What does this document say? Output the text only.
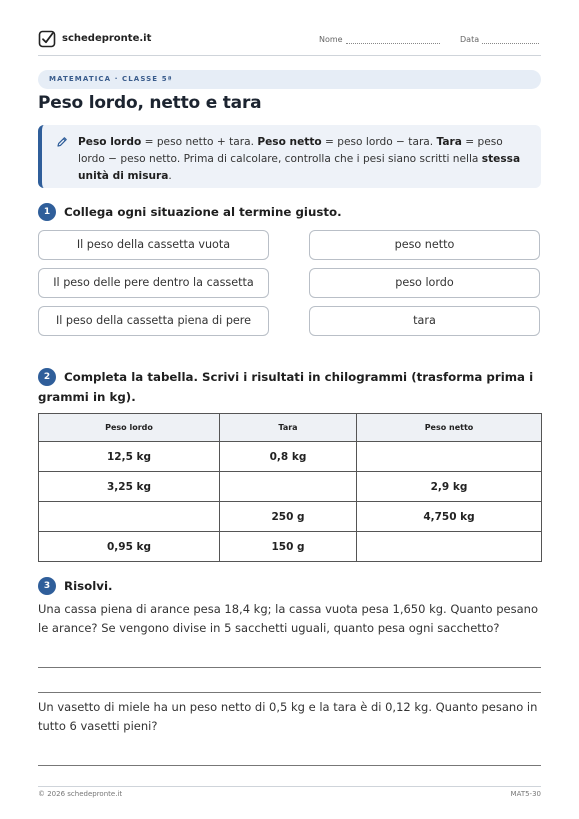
schedepronte.it	Nome	Data
MATEMATICA · CLASSE 5ª
Peso lordo, netto e tara
Peso lordo = peso netto + tara. Peso netto = peso lordo − tara. Tara = peso lordo − peso netto. Prima di calcolare, controlla che i pesi siano scritti nella stessa unità di misura.
1	Collega ogni situazione al termine giusto.
Il peso della cassetta vuota
Il peso delle pere dentro la cassetta
Il peso della cassetta piena di pere
peso netto
peso lordo
tara
2	Completa la tabella. Scrivi i risultati in chilogrammi (trasforma prima i grammi in kg).
Peso lordo	Tara	Peso netto
12,5 kg	0,8 kg	
3,25 kg		2,9 kg
	250 g	4,750 kg
0,95 kg	150 g	
3	Risolvi.
Una cassa piena di arance pesa 18,4 kg; la cassa vuota pesa 1,650 kg. Quanto pesano le arance? Se vengono divise in 5 sacchetti uguali, quanto pesa ogni sacchetto?
Un vasetto di miele ha un peso netto di 0,5 kg e la tara è di 0,12 kg. Quanto pesano in tutto 6 vasetti pieni?
© 2026 schedepronte.it	MAT5-30
